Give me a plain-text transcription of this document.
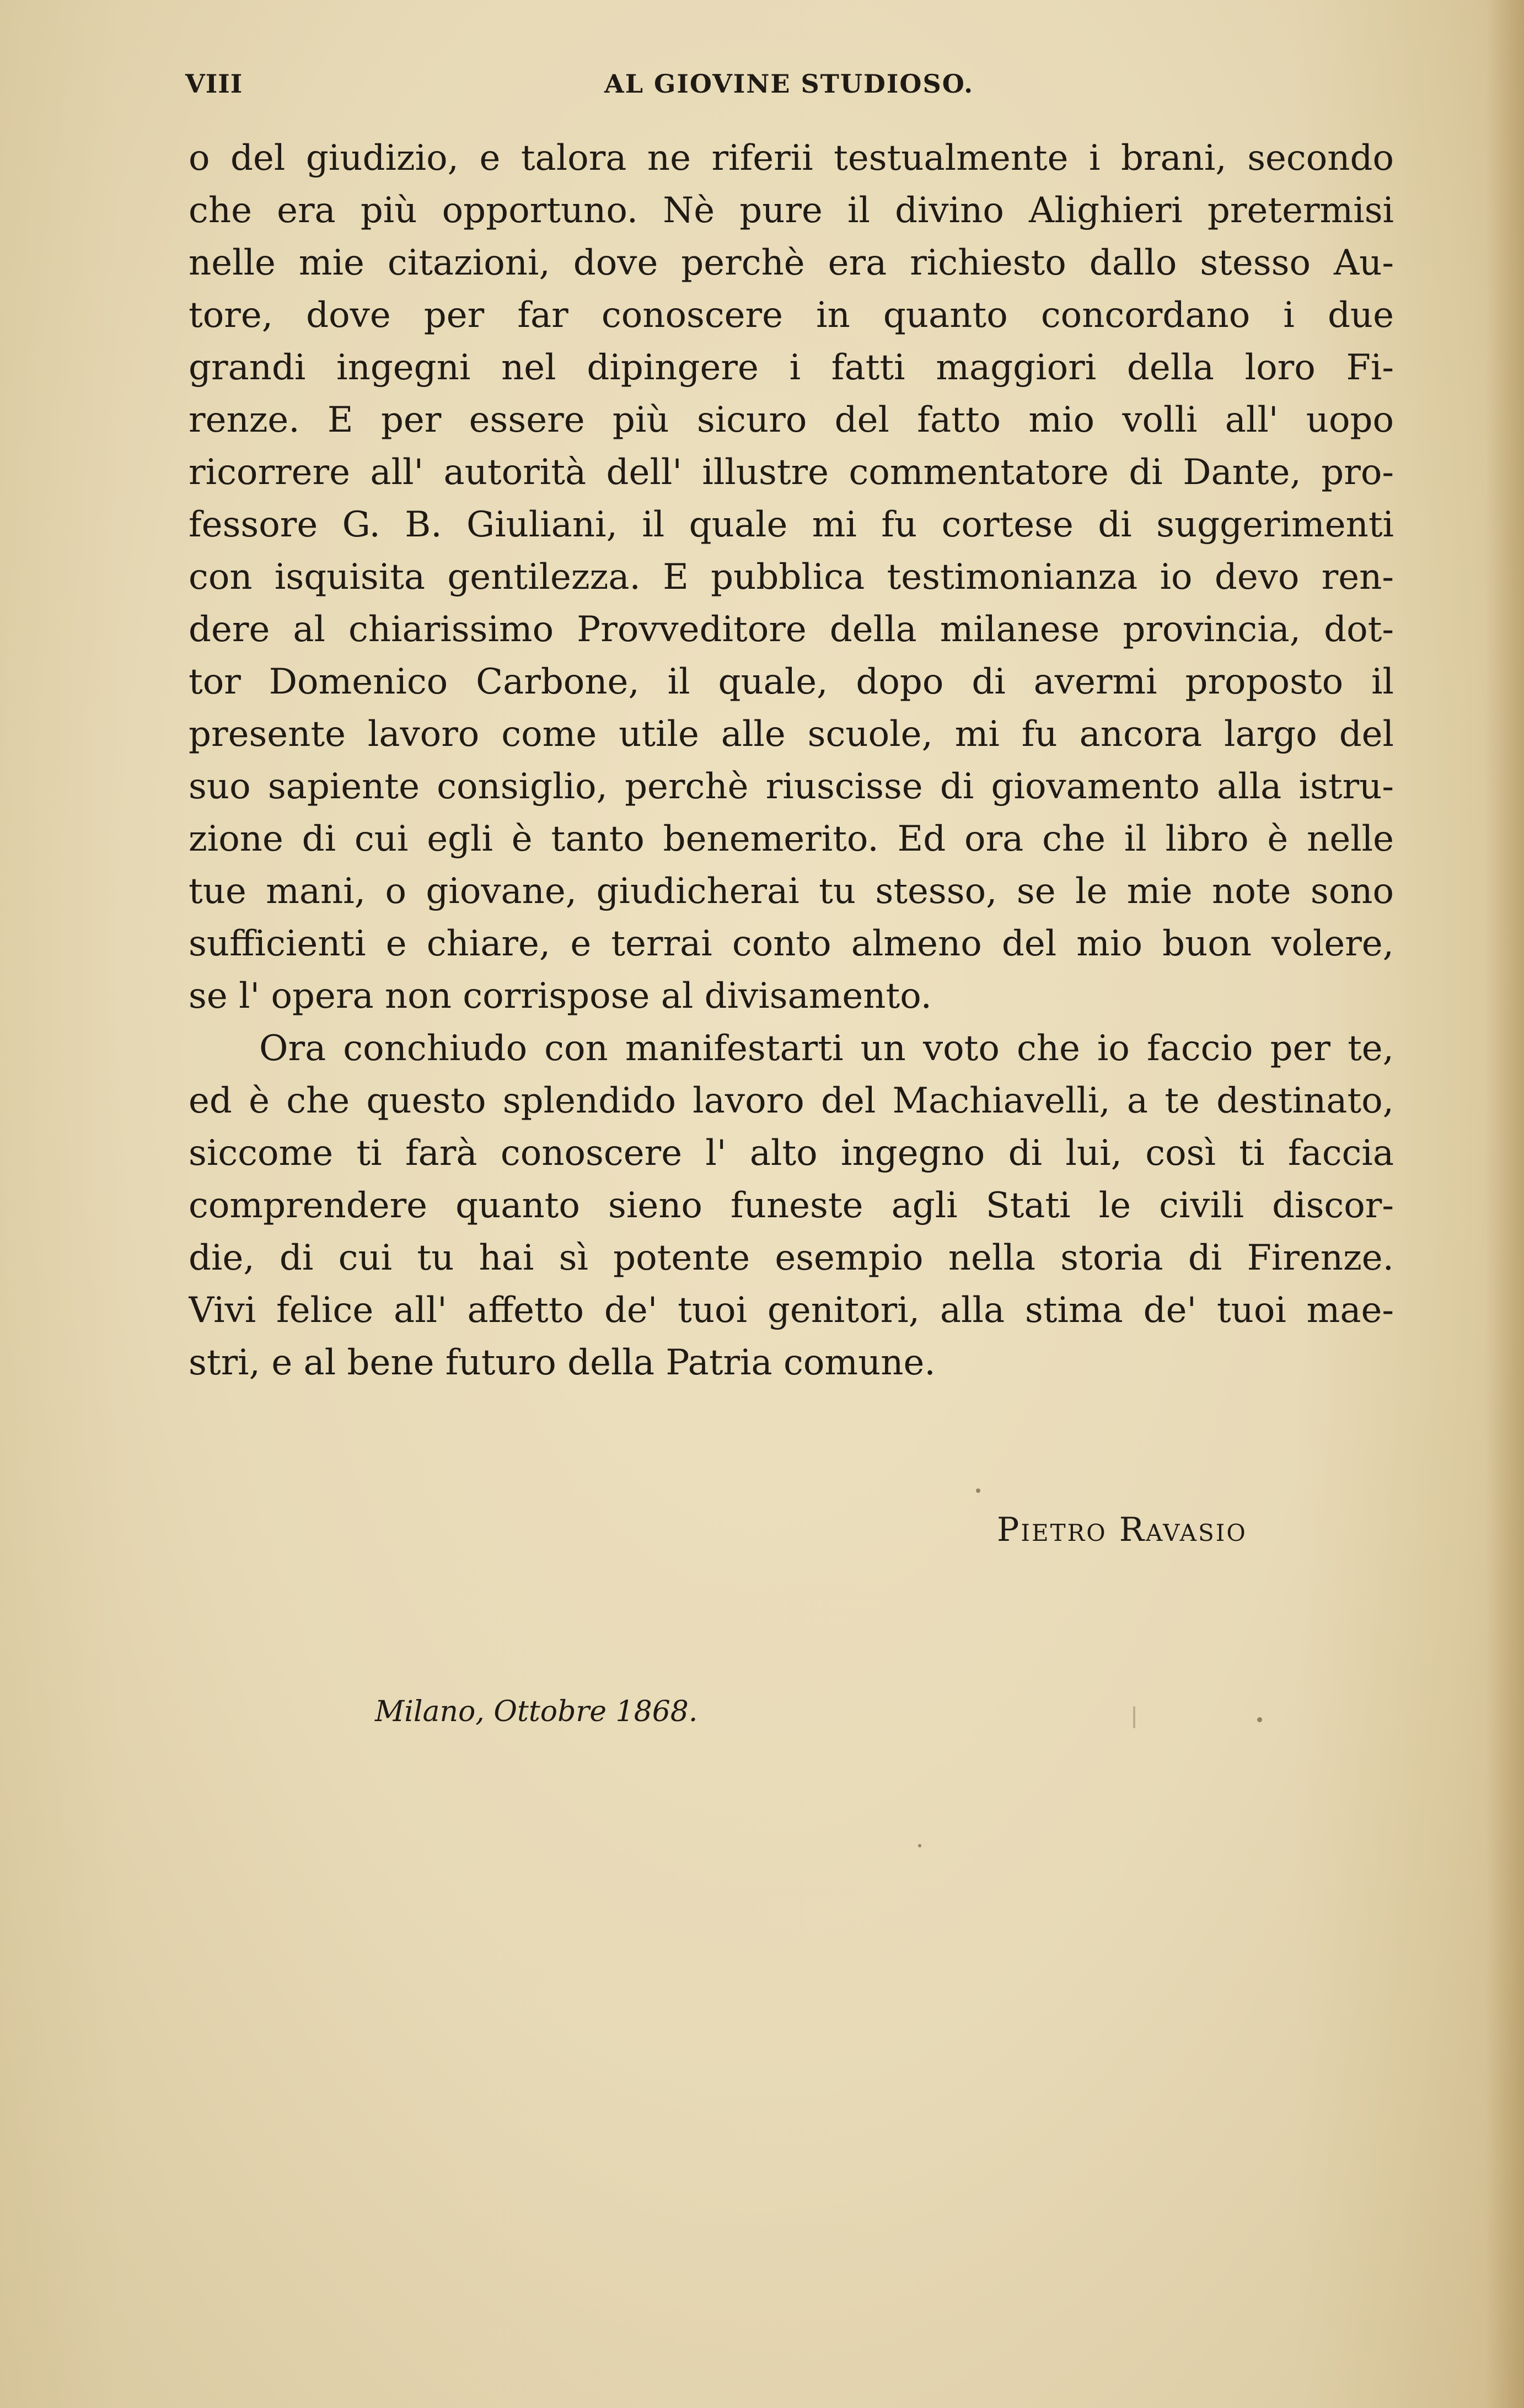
VIII	AL GIOVINE STUDIOSO.
o del giudizio, e talora ne riferii testualmente i brani, secondo
che era più opportuno. Nè pure il divino Alighieri pretermisi
nelle mie citazioni, dove perchè era richiesto dallo stesso Au-
tore, dove per far conoscere in quanto concordano i due
grandi ingegni nel dipingere i fatti maggiori della loro Fi-
renze. E per essere più sicuro del fatto mio volli all' uopo
ricorrere all' autorità dell' illustre commentatore di Dante, pro-
fessore G. B. Giuliani, il quale mi fu cortese di suggerimenti
con isquisita gentilezza. E pubblica testimonianza io devo ren-
dere al chiarissimo Provveditore della milanese provincia, dot-
tor Domenico Carbone, il quale, dopo di avermi proposto il
presente lavoro come utile alle scuole, mi fu ancora largo del
suo sapiente consiglio, perchè riuscisse di giovamento alla istru-
zione di cui egli è tanto benemerito. Ed ora che il libro è nelle
tue mani, o giovane, giudicherai tu stesso, se le mie note sono
sufficienti e chiare, e terrai conto almeno del mio buon volere,
se l' opera non corrispose al divisamento.
Ora conchiudo con manifestarti un voto che io faccio per te,
ed è che questo splendido lavoro del Machiavelli, a te destinato,
siccome ti farà conoscere l' alto ingegno di lui, così ti faccia
comprendere quanto sieno funeste agli Stati le civili discor-
die, di cui tu hai sì potente esempio nella storia di Firenze.
Vivi felice all' affetto de' tuoi genitori, alla stima de' tuoi mae-
stri, e al bene futuro della Patria comune.
Pietro Ravasio
Milano, Ottobre 1868.
